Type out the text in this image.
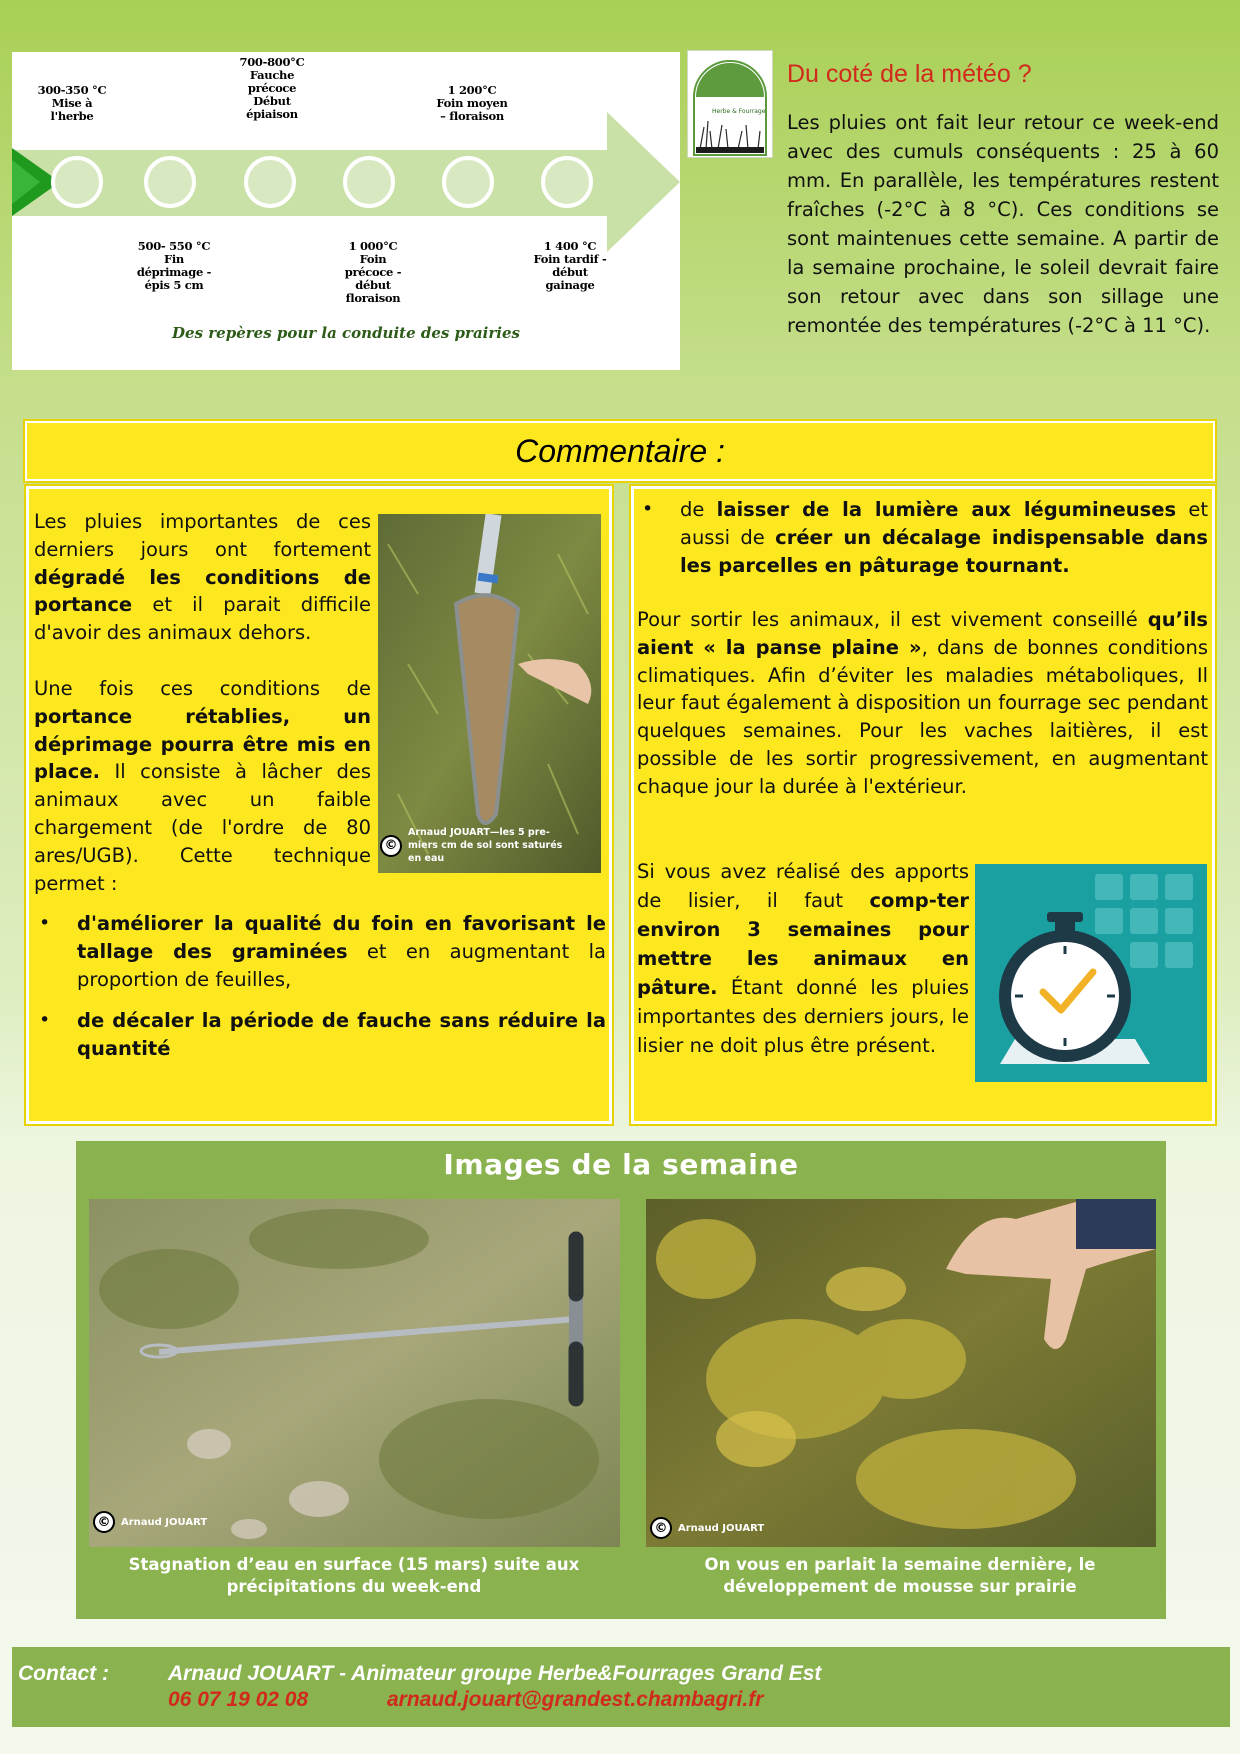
300-350 °C
Mise à
l'herbe
700-800°C
Fauche
précoce
Début
épiaison
1 200°C
Foin moyen
– floraison
500- 550 °C
Fin
déprimage -
épis 5 cm
1 000°C
Foin
précoce -
début
floraison
1 400 °C
Foin tardif -
début
gainage
Des repères pour la conduite des prairies
Herbe & Fourrage
Du coté de la météo ?
Les pluies ont fait leur retour ce week-end avec des cumuls conséquents : 25 à 60 mm. En parallèle, les températures restent fraîches (-2°C à 8 °C). Ces conditions se sont maintenues cette semaine. A partir de la semaine prochaine, le soleil devrait faire son retour avec dans son sillage une remontée des températures (-2°C à 11 °C).
Commentaire :
Les pluies importantes de ces derniers jours ont fortement dégradé les conditions de portance et il parait difficile d'avoir des animaux dehors.
Une fois ces conditions de portance rétablies, un déprimage pourra être mis en place. Il consiste à lâcher des animaux avec un faible chargement (de l'ordre de 80 ares/UGB). Cette technique permet :
©
Arnaud JOUART—les 5 pre-miers cm de sol sont saturés en eau
• d'améliorer la qualité du foin en favorisant le tallage des graminées et en augmentant la proportion de feuilles,
• de décaler la période de fauche sans réduire la quantité
• de laisser de la lumière aux légumineuses et aussi de créer un décalage indispensable dans les parcelles en pâturage tournant.
Pour sortir les animaux, il est vivement conseillé qu’ils aient « la panse plaine », dans de bonnes conditions climatiques. Afin d’éviter les maladies métaboliques, Il leur faut également à disposition un fourrage sec pendant quelques semaines. Pour les vaches laitières, il est possible de les sortir progressivement, en augmentant chaque jour la durée à l'extérieur.
Si vous avez réalisé des apports de lisier, il faut comp-ter environ 3 semaines pour mettre les animaux en pâture. Étant donné les pluies importantes des derniers jours, le lisier ne doit plus être présent.
Images de la semaine
©	Arnaud JOUART	©	Arnaud JOUART
Stagnation d’eau en surface (15 mars) suite aux précipitations du week-end
On vous en parlait la semaine dernière, le développement de mousse sur prairie
Contact :	Arnaud JOUART - Animateur groupe Herbe&Fourrages Grand Est
06 07 19 02 08	arnaud.jouart@grandest.chambagri.fr
